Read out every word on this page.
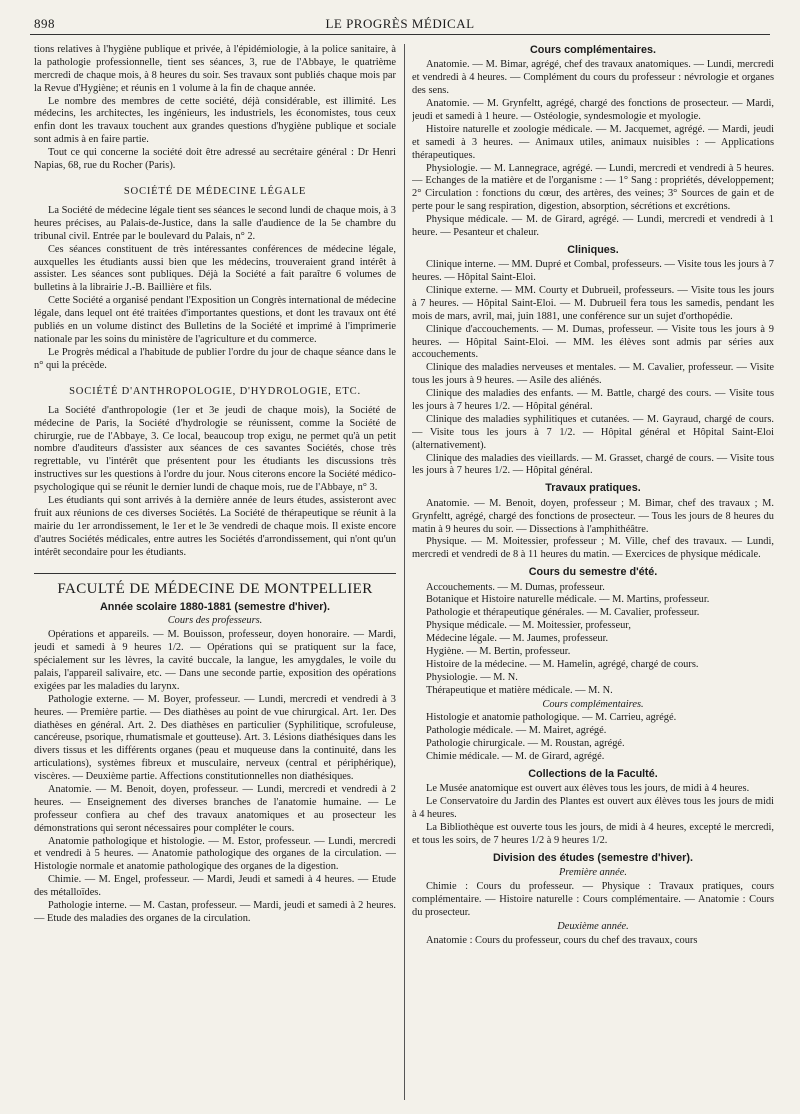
898	LE PROGRÈS MÉDICAL

tions relatives à l'hygiène publique et privée, à l'épidémiologie, à la police sanitaire, à la pathologie professionnelle, tient ses séances, 3, rue de l'Abbaye, le quatrième mercredi de chaque mois, à 8 heures du soir. Ses travaux sont publiés chaque mois par la Revue d'Hygiène; et réunis en 1 volume à la fin de chaque année.

Le nombre des membres de cette société, déjà considérable, est illimité. Les médecins, les architectes, les ingénieurs, les industriels, les économistes, tous ceux enfin dont les travaux touchent aux grandes questions d'hygiène publique et sociale sont admis à en faire partie.

Tout ce qui concerne la société doit être adressé au secrétaire général : Dr Henri Napias, 68, rue du Rocher (Paris).

SOCIÉTÉ DE MÉDECINE LÉGALE

La Société de médecine légale tient ses séances le second lundi de chaque mois, à 3 heures précises, au Palais-de-Justice, dans la salle d'audience de la 5e chambre du tribunal civil. Entrée par le boulevard du Palais, n° 2.

Ces séances constituent de très intéressantes conférences de médecine légale, auxquelles les étudiants aussi bien que les médecins, trouveraient grand intérêt à assister. Les séances sont publiques. Déjà la Société a fait paraître 6 volumes de bulletins à la librairie J.-B. Baillière et fils.

Cette Société a organisé pendant l'Exposition un Congrès international de médecine légale, dans lequel ont été traitées d'importantes questions, et dont les travaux ont été publiés en un volume distinct des Bulletins de la Société et imprimé à l'imprimerie nationale par les soins du ministère de l'agriculture et du commerce.

Le Progrès médical a l'habitude de publier l'ordre du jour de chaque séance dans le n° qui la précède.

SOCIÉTÉ D'ANTHROPOLOGIE, D'HYDROLOGIE, ETC.

La Société d'anthropologie (1er et 3e jeudi de chaque mois), la Société de médecine de Paris, la Société d'hydrologie se réunissent, comme la Société de chirurgie, rue de l'Abbaye, 3. Ce local, beaucoup trop exigu, ne permet qu'à un petit nombre d'auditeurs d'assister aux séances de ces savantes Sociétés, chose très regrettable, vu l'intérêt que présentent pour les étudiants les discussions très instructives sur les questions à l'ordre du jour. Nous citerons encore la Société médico-psychologique qui se réunit le dernier lundi de chaque mois, rue de l'Abbaye, n° 3.

Les étudiants qui sont arrivés à la dernière année de leurs études, assisteront avec fruit aux réunions de ces diverses Sociétés. La Société de thérapeutique se réunit à la mairie du 1er arrondissement, le 1er et le 3e vendredi de chaque mois. Il existe encore d'autres Sociétés médicales, entre autres les Sociétés d'arrondissement, qui n'ont qu'un intérêt secondaire pour les étudiants.

FACULTÉ DE MÉDECINE DE MONTPELLIER
Année scolaire 1880-1881 (semestre d'hiver).
Cours des professeurs.

Opérations et appareils. — M. Bouisson, professeur, doyen honoraire. — Mardi, jeudi et samedi à 9 heures 1/2. — Opérations qui se pratiquent sur la face, spécialement sur les lèvres, la cavité buccale, la langue, les amygdales, le voile du palais, l'appareil salivaire, etc. — Dans une seconde partie, exposition des opérations exigées par les maladies du larynx.

Pathologie externe. — M. Boyer, professeur. — Lundi, mercredi et vendredi à 3 heures. — Première partie. — Des diathèses au point de vue chirurgical. Art. 1er. Des diathèses en général. Art. 2. Des diathèses en particulier (Syphilitique, scrofuleuse, cancéreuse, psorique, rhumatismale et goutteuse). Art. 3. Lésions diathésiques dans les divers tissus et les différents organes (peau et muqueuse dans la continuité, dans les articulations), systèmes fibreux et musculaire, nerveux (central et périphérique), viscères. — Deuxième partie. Affections constitutionnelles non diathésiques.

Anatomie. — M. Benoit, doyen, professeur. — Lundi, mercredi et vendredi à 2 heures. — Enseignement des diverses branches de l'anatomie humaine. — Le professeur confiera au chef des travaux anatomiques et au prosecteur les démonstrations qui seront nécessaires pour compléter le cours.

Anatomie pathologique et histologie. — M. Estor, professeur. — Lundi, mercredi et vendredi à 5 heures. — Anatomie pathologique des organes de la circulation. — Histologie normale et anatomie pathologique des organes de la digestion.

Chimie. — M. Engel, professeur. — Mardi, Jeudi et samedi à 4 heures. — Etude des métalloïdes.

Pathologie interne. — M. Castan, professeur. — Mardi, jeudi et samedi à 2 heures. — Etude des maladies des organes de la circulation.

Cours complémentaires.

Anatomie. — M. Bimar, agrégé, chef des travaux anatomiques. — Lundi, mercredi et vendredi à 4 heures. — Complément du cours du professeur : névrologie et organes des sens.

Anatomie. — M. Grynfeltt, agrégé, chargé des fonctions de prosecteur. — Mardi, jeudi et samedi à 1 heure. — Ostéologie, syndesmologie et myologie.

Histoire naturelle et zoologie médicale. — M. Jacquemet, agrégé. — Mardi, jeudi et samedi à 3 heures. — Animaux utiles, animaux nuisibles : — Applications thérapeutiques.

Physiologie. — M. Lannegrace, agrégé. — Lundi, mercredi et vendredi à 5 heures. — Echanges de la matière et de l'organisme : — 1° Sang : propriétés, développement; 2° Circulation : fonctions du cœur, des artères, des veines; 3° Sources de gain et de perte pour le sang respiration, digestion, absorption, sécrétions et excrétions.

Physique médicale. — M. de Girard, agrégé. — Lundi, mercredi et vendredi à 1 heure. — Pesanteur et chaleur.

Cliniques.

Clinique interne. — MM. Dupré et Combal, professeurs. — Visite tous les jours à 7 heures. — Hôpital Saint-Eloi.

Clinique externe. — MM. Courty et Dubrueil, professeurs. — Visite tous les jours à 7 heures. — Hôpital Saint-Eloi. — M. Dubrueil fera tous les samedis, pendant les mois de mars, avril, mai, juin 1881, une conférence sur un sujet d'orthopédie.

Clinique d'accouchements. — M. Dumas, professeur. — Visite tous les jours à 9 heures. — Hôpital Saint-Eloi. — MM. les élèves sont admis par séries aux accouchements.

Clinique des maladies nerveuses et mentales. — M. Cavalier, professeur. — Visite tous les jours à 9 heures. — Asile des aliénés.

Clinique des maladies des enfants. — M. Battle, chargé des cours. — Visite tous les jours à 7 heures 1/2. — Hôpital général.

Clinique des maladies syphilitiques et cutanées. — M. Gayraud, chargé de cours. — Visite tous les jours à 7 1/2. — Hôpital général et Hôpital Saint-Eloi (alternativement).

Clinique des maladies des vieillards. — M. Grasset, chargé de cours. — Visite tous les jours à 7 heures 1/2. — Hôpital général.

Travaux pratiques.

Anatomie. — M. Benoit, doyen, professeur ; M. Bimar, chef des travaux ; M. Grynfeltt, agrégé, chargé des fonctions de prosecteur. — Tous les jours de 8 heures du matin à 9 heures du soir. — Dissections à l'amphithéâtre.

Physique. — M. Moitessier, professeur ; M. Ville, chef des travaux. — Lundi, mercredi et vendredi de 8 à 11 heures du matin. — Exercices de physique médicale.

Cours du semestre d'été.

Accouchements. — M. Dumas, professeur.

Botanique et Histoire naturelle médicale. — M. Martins, professeur.

Pathologie et thérapeutique générales. — M. Cavalier, professeur.

Physique médicale. — M. Moitessier, professeur,

Médecine légale. — M. Jaumes, professeur.

Hygiène. — M. Bertin, professeur.

Histoire de la médecine. — M. Hamelin, agrégé, chargé de cours.

Physiologie. — M. N.

Thérapeutique et matière médicale. — M. N.

Cours complémentaires.

Histologie et anatomie pathologique. — M. Carrieu, agrégé.

Pathologie médicale. — M. Mairet, agrégé.

Pathologie chirurgicale. — M. Roustan, agrégé.

Chimie médicale. — M. de Girard, agrégé.

Collections de la Faculté.

Le Musée anatomique est ouvert aux élèves tous les jours, de midi à 4 heures.

Le Conservatoire du Jardin des Plantes est ouvert aux élèves tous les jours de midi à 4 heures.

La Bibliothèque est ouverte tous les jours, de midi à 4 heures, excepté le mercredi, et tous les soirs, de 7 heures 1/2 à 9 heures 1/2.

Division des études (semestre d'hiver).
Première année.

Chimie : Cours du professeur. — Physique : Travaux pratiques, cours complémentaire. — Histoire naturelle : Cours complémentaire. — Anatomie : Cours du prosecteur.

Deuxième année.

Anatomie : Cours du professeur, cours du chef des travaux, cours
